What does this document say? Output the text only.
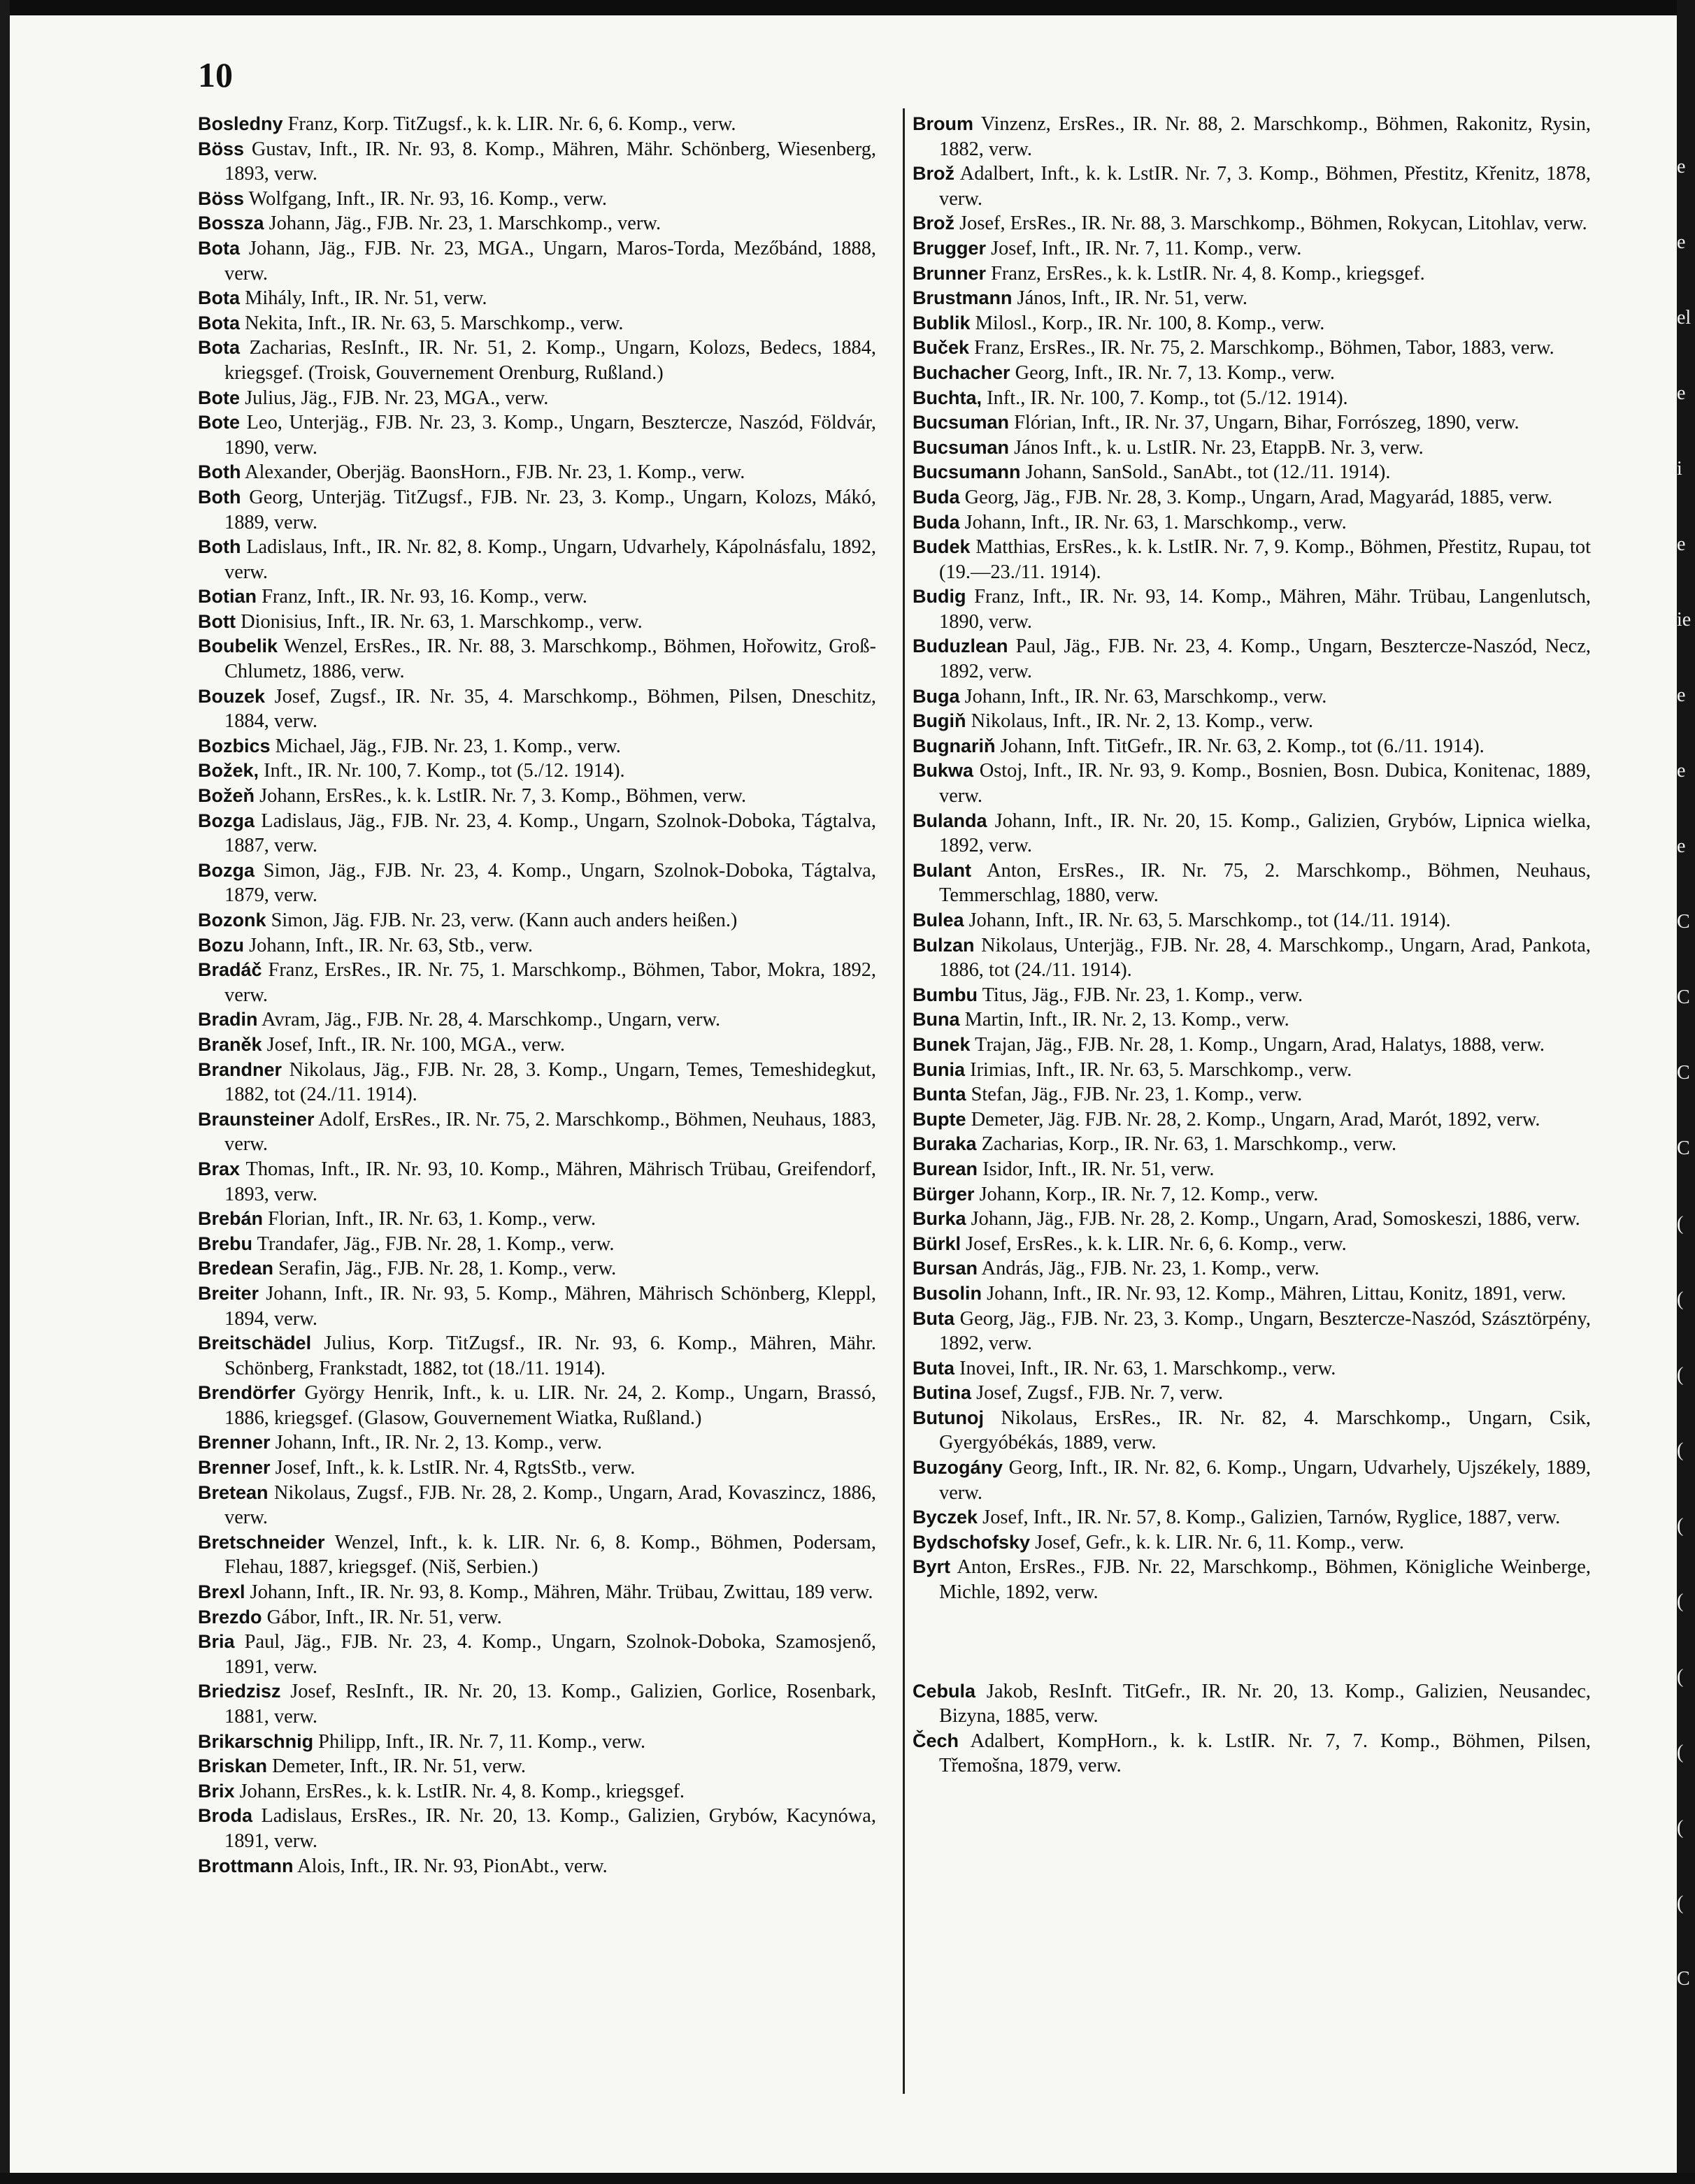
10

Bosledny Franz, Korp. TitZugsf., k. k. LIR. Nr. 6, 6. Komp., verw.

Böss Gustav, Inft., IR. Nr. 93, 8. Komp., Mähren, Mähr. Schönberg, Wiesenberg, 1893, verw.

Böss Wolfgang, Inft., IR. Nr. 93, 16. Komp., verw.

Bossza Johann, Jäg., FJB. Nr. 23, 1. Marschkomp., verw.

Bota Johann, Jäg., FJB. Nr. 23, MGA., Ungarn, Maros-Torda, Mezőbánd, 1888, verw.

Bota Mihály, Inft., IR. Nr. 51, verw.

Bota Nekita, Inft., IR. Nr. 63, 5. Marschkomp., verw.

Bota Zacharias, ResInft., IR. Nr. 51, 2. Komp., Ungarn, Kolozs, Bedecs, 1884, kriegsgef. (Troisk, Gouvernement Orenburg, Rußland.)

Bote Julius, Jäg., FJB. Nr. 23, MGA., verw.

Bote Leo, Unterjäg., FJB. Nr. 23, 3. Komp., Ungarn, Beszterczе, Naszód, Földvár, 1890, verw.

Both Alexander, Oberjäg. BaonsHorn., FJB. Nr. 23, 1. Komp., verw.

Both Georg, Unterjäg. TitZugsf., FJB. Nr. 23, 3. Komp., Ungarn, Kolozs, Mákó, 1889, verw.

Both Ladislaus, Inft., IR. Nr. 82, 8. Komp., Ungarn, Udvarhely, Kápolnásfalu, 1892, verw.

Botian Franz, Inft., IR. Nr. 93, 16. Komp., verw.

Bott Dionisius, Inft., IR. Nr. 63, 1. Marschkomp., verw.

Boubelik Wenzel, ErsRes., IR. Nr. 88, 3. Marschkomp., Böhmen, Hořowitz, Groß-Chlumetz, 1886, verw.

Bouzek Josef, Zugsf., IR. Nr. 35, 4. Marschkomp., Böhmen, Pilsen, Dneschitz, 1884, verw.

Bozbics Michael, Jäg., FJB. Nr. 23, 1. Komp., verw.

Božek, Inft., IR. Nr. 100, 7. Komp., tot (5./12. 1914).

Božeň Johann, ErsRes., k. k. LstIR. Nr. 7, 3. Komp., Böhmen, verw.

Bozga Ladislaus, Jäg., FJB. Nr. 23, 4. Komp., Ungarn, Szolnok-Doboka, Tágtalva, 1887, verw.

Bozga Simon, Jäg., FJB. Nr. 23, 4. Komp., Ungarn, Szolnok-Doboka, Tágtalva, 1879, verw.

Bozonk Simon, Jäg. FJB. Nr. 23, verw. (Kann auch anders heißen.)

Bozu Johann, Inft., IR. Nr. 63, Stb., verw.

Bradáč Franz, ErsRes., IR. Nr. 75, 1. Marschkomp., Böhmen, Tabor, Mokra, 1892, verw.

Bradin Avram, Jäg., FJB. Nr. 28, 4. Marschkomp., Ungarn, verw.

Braněk Josef, Inft., IR. Nr. 100, MGA., verw.

Brandner Nikolaus, Jäg., FJB. Nr. 28, 3. Komp., Ungarn, Temes, Temeshidegkut, 1882, tot (24./11. 1914).

Braunsteiner Adolf, ErsRes., IR. Nr. 75, 2. Marschkomp., Böhmen, Neuhaus, 1883, verw.

Brax Thomas, Inft., IR. Nr. 93, 10. Komp., Mähren, Mährisch Trübau, Greifendorf, 1893, verw.

Brebán Florian, Inft., IR. Nr. 63, 1. Komp., verw.

Brebu Trandafer, Jäg., FJB. Nr. 28, 1. Komp., verw.

Bredean Serafin, Jäg., FJB. Nr. 28, 1. Komp., verw.

Breiter Johann, Inft., IR. Nr. 93, 5. Komp., Mähren, Mährisch Schönberg, Kleppl, 1894, verw.

Breitschädel Julius, Korp. TitZugsf., IR. Nr. 93, 6. Komp., Mähren, Mähr. Schönberg, Frankstadt, 1882, tot (18./11. 1914).

Brendörfer György Henrik, Inft., k. u. LIR. Nr. 24, 2. Komp., Ungarn, Brassó, 1886, kriegsgef. (Glasow, Gouvernement Wiatka, Rußland.)

Brenner Johann, Inft., IR. Nr. 2, 13. Komp., verw.

Brenner Josef, Inft., k. k. LstIR. Nr. 4, RgtsStb., verw.

Bretean Nikolaus, Zugsf., FJB. Nr. 28, 2. Komp., Ungarn, Arad, Kovaszincz, 1886, verw.

Bretschneider Wenzel, Inft., k. k. LIR. Nr. 6, 8. Komp., Böhmen, Podersam, Flehau, 1887, kriegsgef. (Niš, Serbien.)

Brexl Johann, Inft., IR. Nr. 93, 8. Komp., Mähren, Mähr. Trübau, Zwittau, 189 verw.

Brezdo Gábor, Inft., IR. Nr. 51, verw.

Bria Paul, Jäg., FJB. Nr. 23, 4. Komp., Ungarn, Szolnok-Doboka, Szamosjenő, 1891, verw.

Briedzisz Josef, ResInft., IR. Nr. 20, 13. Komp., Galizien, Gorlice, Rosenbark, 1881, verw.

Brikarschnig Philipp, Inft., IR. Nr. 7, 11. Komp., verw.

Briskan Demeter, Inft., IR. Nr. 51, verw.

Brix Johann, ErsRes., k. k. LstIR. Nr. 4, 8. Komp., kriegsgef.

Broda Ladislaus, ErsRes., IR. Nr. 20, 13. Komp., Galizien, Grybów, Kacynówa, 1891, verw.

Brottmann Alois, Inft., IR. Nr. 93, PionAbt., verw.

Broum Vinzenz, ErsRes., IR. Nr. 88, 2. Marschkomp., Böhmen, Rakonitz, Rysin, 1882, verw.

Brož Adalbert, Inft., k. k. LstIR. Nr. 7, 3. Komp., Böhmen, Přestitz, Křenitz, 1878, verw.

Brož Josef, ErsRes., IR. Nr. 88, 3. Marschkomp., Böhmen, Rokycan, Litohlav, verw.

Brugger Josef, Inft., IR. Nr. 7, 11. Komp., verw.

Brunner Franz, ErsRes., k. k. LstIR. Nr. 4, 8. Komp., kriegsgef.

Brustmann János, Inft., IR. Nr. 51, verw.

Bublik Milosl., Korp., IR. Nr. 100, 8. Komp., verw.

Buček Franz, ErsRes., IR. Nr. 75, 2. Marschkomp., Böhmen, Tabor, 1883, verw.

Buchacher Georg, Inft., IR. Nr. 7, 13. Komp., verw.

Buchta, Inft., IR. Nr. 100, 7. Komp., tot (5./12. 1914).

Bucsuman Flórian, Inft., IR. Nr. 37, Ungarn, Bihar, Forrószeg, 1890, verw.

Bucsuman János Inft., k. u. LstIR. Nr. 23, EtappB. Nr. 3, verw.

Bucsumann Johann, SanSold., SanAbt., tot (12./11. 1914).

Buda Georg, Jäg., FJB. Nr. 28, 3. Komp., Ungarn, Arad, Magyarád, 1885, verw.

Buda Johann, Inft., IR. Nr. 63, 1. Marschkomp., verw.

Budek Matthias, ErsRes., k. k. LstIR. Nr. 7, 9. Komp., Böhmen, Přestitz, Rupau, tot (19.—23./11. 1914).

Budig Franz, Inft., IR. Nr. 93, 14. Komp., Mähren, Mähr. Trübau, Langenlutsch, 1890, verw.

Buduzlean Paul, Jäg., FJB. Nr. 23, 4. Komp., Ungarn, Beszterczе-Naszód, Necz, 1892, verw.

Buga Johann, Inft., IR. Nr. 63, Marschkomp., verw.

Bugiň Nikolaus, Inft., IR. Nr. 2, 13. Komp., verw.

Bugnariň Johann, Inft. TitGefr., IR. Nr. 63, 2. Komp., tot (6./11. 1914).

Bukwa Ostoj, Inft., IR. Nr. 93, 9. Komp., Bosnien, Bosn. Dubica, Konitenac, 1889, verw.

Bulanda Johann, Inft., IR. Nr. 20, 15. Komp., Galizien, Grybów, Lipnica wielka, 1892, verw.

Bulant Anton, ErsRes., IR. Nr. 75, 2. Marschkomp., Böhmen, Neuhaus, Temmerschlag, 1880, verw.

Bulea Johann, Inft., IR. Nr. 63, 5. Marschkomp., tot (14./11. 1914).

Bulzan Nikolaus, Unterjäg., FJB. Nr. 28, 4. Marschkomp., Ungarn, Arad, Pankota, 1886, tot (24./11. 1914).

Bumbu Titus, Jäg., FJB. Nr. 23, 1. Komp., verw.

Buna Martin, Inft., IR. Nr. 2, 13. Komp., verw.

Bunek Trajan, Jäg., FJB. Nr. 28, 1. Komp., Ungarn, Arad, Halatys, 1888, verw.

Bunia Irimias, Inft., IR. Nr. 63, 5. Marschkomp., verw.

Bunta Stefan, Jäg., FJB. Nr. 23, 1. Komp., verw.

Bupte Demeter, Jäg. FJB. Nr. 28, 2. Komp., Ungarn, Arad, Marót, 1892, verw.

Buraka Zacharias, Korp., IR. Nr. 63, 1. Marschkomp., verw.

Burean Isidor, Inft., IR. Nr. 51, verw.

Bürger Johann, Korp., IR. Nr. 7, 12. Komp., verw.

Burka Johann, Jäg., FJB. Nr. 28, 2. Komp., Ungarn, Arad, Somoskeszi, 1886, verw.

Bürkl Josef, ErsRes., k. k. LIR. Nr. 6, 6. Komp., verw.

Bursan András, Jäg., FJB. Nr. 23, 1. Komp., verw.

Busolin Johann, Inft., IR. Nr. 93, 12. Komp., Mähren, Littau, Konitz, 1891, verw.

Buta Georg, Jäg., FJB. Nr. 23, 3. Komp., Ungarn, Beszterczе-Naszód, Szásztörpény, 1892, verw.

Buta Inovei, Inft., IR. Nr. 63, 1. Marschkomp., verw.

Butina Josef, Zugsf., FJB. Nr. 7, verw.

Butunoj Nikolaus, ErsRes., IR. Nr. 82, 4. Marschkomp., Ungarn, Csik, Gyergyóbékás, 1889, verw.

Buzogány Georg, Inft., IR. Nr. 82, 6. Komp., Ungarn, Udvarhely, Ujszékely, 1889, verw.

Byczek Josef, Inft., IR. Nr. 57, 8. Komp., Galizien, Tarnów, Ryglice, 1887, verw.

Bydschofsky Josef, Gefr., k. k. LIR. Nr. 6, 11. Komp., verw.

Byrt Anton, ErsRes., FJB. Nr. 22, Marschkomp., Böhmen, Königliche Weinberge, Michle, 1892, verw.

Cebula Jakob, ResInft. TitGefr., IR. Nr. 20, 13. Komp., Galizien, Neusandec, Bizyna, 1885, verw.

Čech Adalbert, KompHorn., k. k. LstIR. Nr. 7, 7. Komp., Böhmen, Pilsen, Třemošna, 1879, verw.

e
e
el
e
i
e
ie
e
e
e
C
C
C
C
(
(
(
(
(
(
(
(
(
(
C
